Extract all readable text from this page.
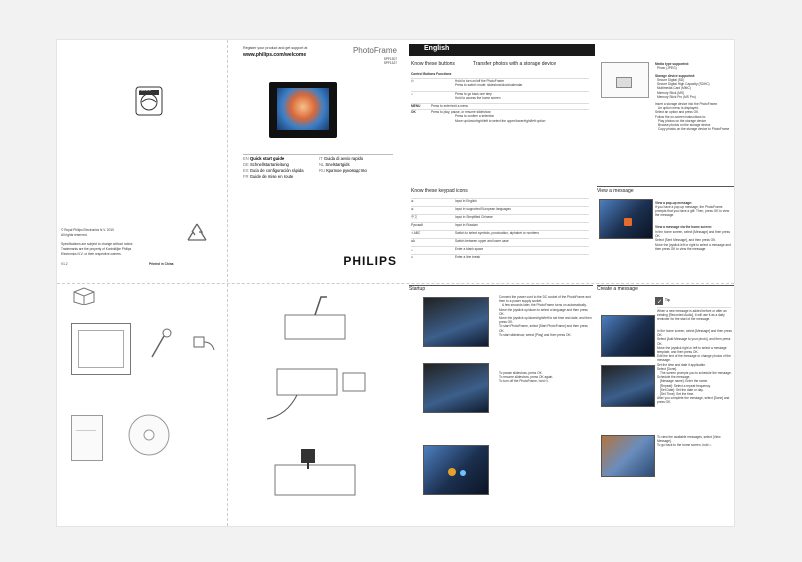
PHILIPS
© Royal Philips Electronics N.V. 2010
All rights reserved.
Specifications are subject to change without notice.
Trademarks are the property of Koninklijke Philips
Electronics N.V. or their respective owners.
V1.2	Printed in China
Register your product and get support at
www.philips.com/welcome	PhotoFrame
SPF1307
SPF1327
EN Quick start guide
DE Schnellstartanleitung
ES Guía de configuración rápida
FR Guide de mise en route
IT Guida di avvio rapido
NL Snelstartgids
RU Краткое руководство
PHILIPS
English
Know these buttons	Transfer photos with a storage device
Control Buttons Functions
⏻	Hold to turn on/off the PhotoFrame
Press to switch mode: slideshow/clock/calendar
⌂	Press to go back one step
Hold to access the home screen
MENU	Press to enter/exit a menu
OK	Press to play, pause, or resume slideshow
Press to confirm a selection
Move up/down/right/left to select the upper/lower/right/left option
Know these keypad icons
⊕	Input in English
⊕	Input in supported European languages
中文	Input in Simplified Chinese
Русский	Input in Russian
⇧ABC	Switch to select symbols, punctuation, alphabet or numbers
aA	Switch between upper and lower case
␣	Enter a blank space
↵	Enter a line break
Media type supported:
Photo (JPEG)
Storage device supported:
Secure Digital (SD)
Secure Digital High Capacity (SDHC)
Multimedia Card (MMC)
Memory Stick (MS)
Memory Stick Pro (MS Pro)
Insert a storage device into the PhotoFrame.
An option menu is displayed.
Select an option and press OK.
Follow the on-screen instructions to:
Play photos on the storage device
Browse photos on the storage device
Copy photos on the storage device to PhotoFrame
View a message
View a pop-up message:
If you have a pop-up message, the PhotoFrame prompts that you have a gift. Then, press OK to view the message.
View a message via the home screen:
In the home screen, select [Message] and then press OK.
Select [Sent Message], and then press OK.
Move the joystick left or right to select a message and then press OK to view the message.
Startup
Connect the power cord to the DC socket of the PhotoFrame and then to a power supply socket.
A few seconds later, the PhotoFrame turns on automatically.
Move the joystick up/down to select a language and then press OK.
Move the joystick up/down/right/left to set time and date, and then press OK.
To start PhotoFrame, select [Start PhotoFrame] and then press OK.
To start slideshow, select [Play] and then press OK.
To pause slideshow, press OK.
To resume slideshow, press OK again.
To turn off the PhotoFrame, hold ⏻.
Create a message
✓ Tip
When a new message is added before or after an existing [Recorded Audio], it will use it as a daily reminder for the start of the message.
In the home screen, select [Message] and then press OK.
Select [Add Message to your photo], and then press OK.
Move the joystick right or left to select a message template, and then press OK.
Edit the text of the message or change photos of the message.
Set the time and date if applicable.
Select [Done].
The screen prompts you to schedule the message.
Schedule the message.
[Message name]: Enter the name.
[Repeat]: Select a repeat frequency.
[Set Date]: Set the date or day.
[Set Time]: Set the time.
After you complete the message, select [Done] and press OK.
To view the available messages, select [View Message].
To go back to the home screen, hold ⌂.
